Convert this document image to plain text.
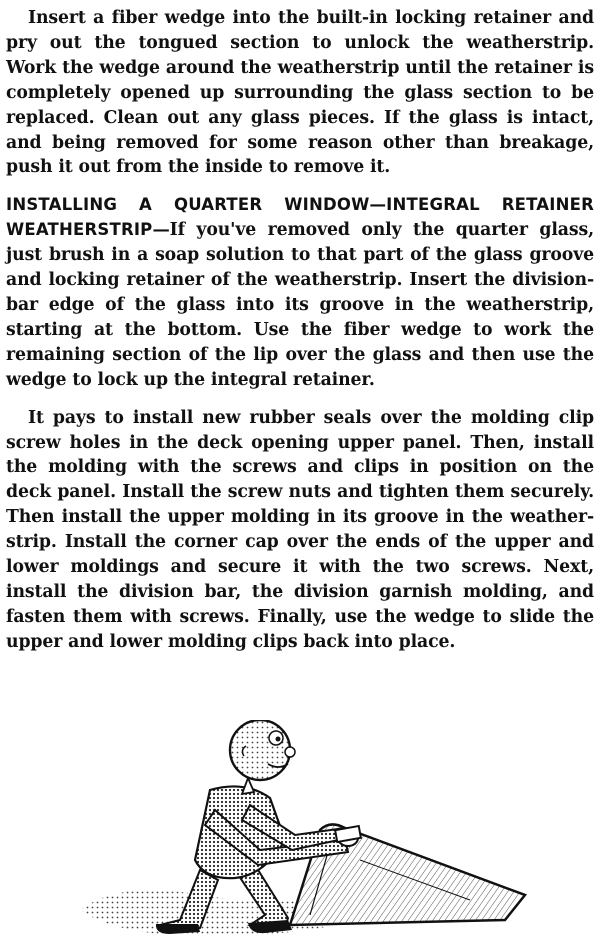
Insert a fiber wedge into the built-in locking retainer and pry out the tongued section to unlock the weatherstrip. Work the wedge around the weatherstrip until the retainer is completely opened up surrounding the glass section to be replaced. Clean out any glass pieces. If the glass is intact, and being removed for some reason other than breakage, push it out from the inside to remove it.

INSTALLING A QUARTER WINDOW—INTEGRAL RETAINER WEATHERSTRIP—If you've removed only the quarter glass, just brush in a soap solution to that part of the glass groove and locking retainer of the weatherstrip. Insert the division-bar edge of the glass into its groove in the weatherstrip, starting at the bottom. Use the fiber wedge to work the remaining section of the lip over the glass and then use the wedge to lock up the integral retainer.

It pays to install new rubber seals over the molding clip screw holes in the deck opening upper panel. Then, install the molding with the screws and clips in position on the deck panel. Install the screw nuts and tighten them securely. Then install the upper molding in its groove in the weather-strip. Install the corner cap over the ends of the upper and lower moldings and secure it with the two screws. Next, install the division bar, the division garnish molding, and fasten them with screws. Finally, use the wedge to slide the upper and lower molding clips back into place.
